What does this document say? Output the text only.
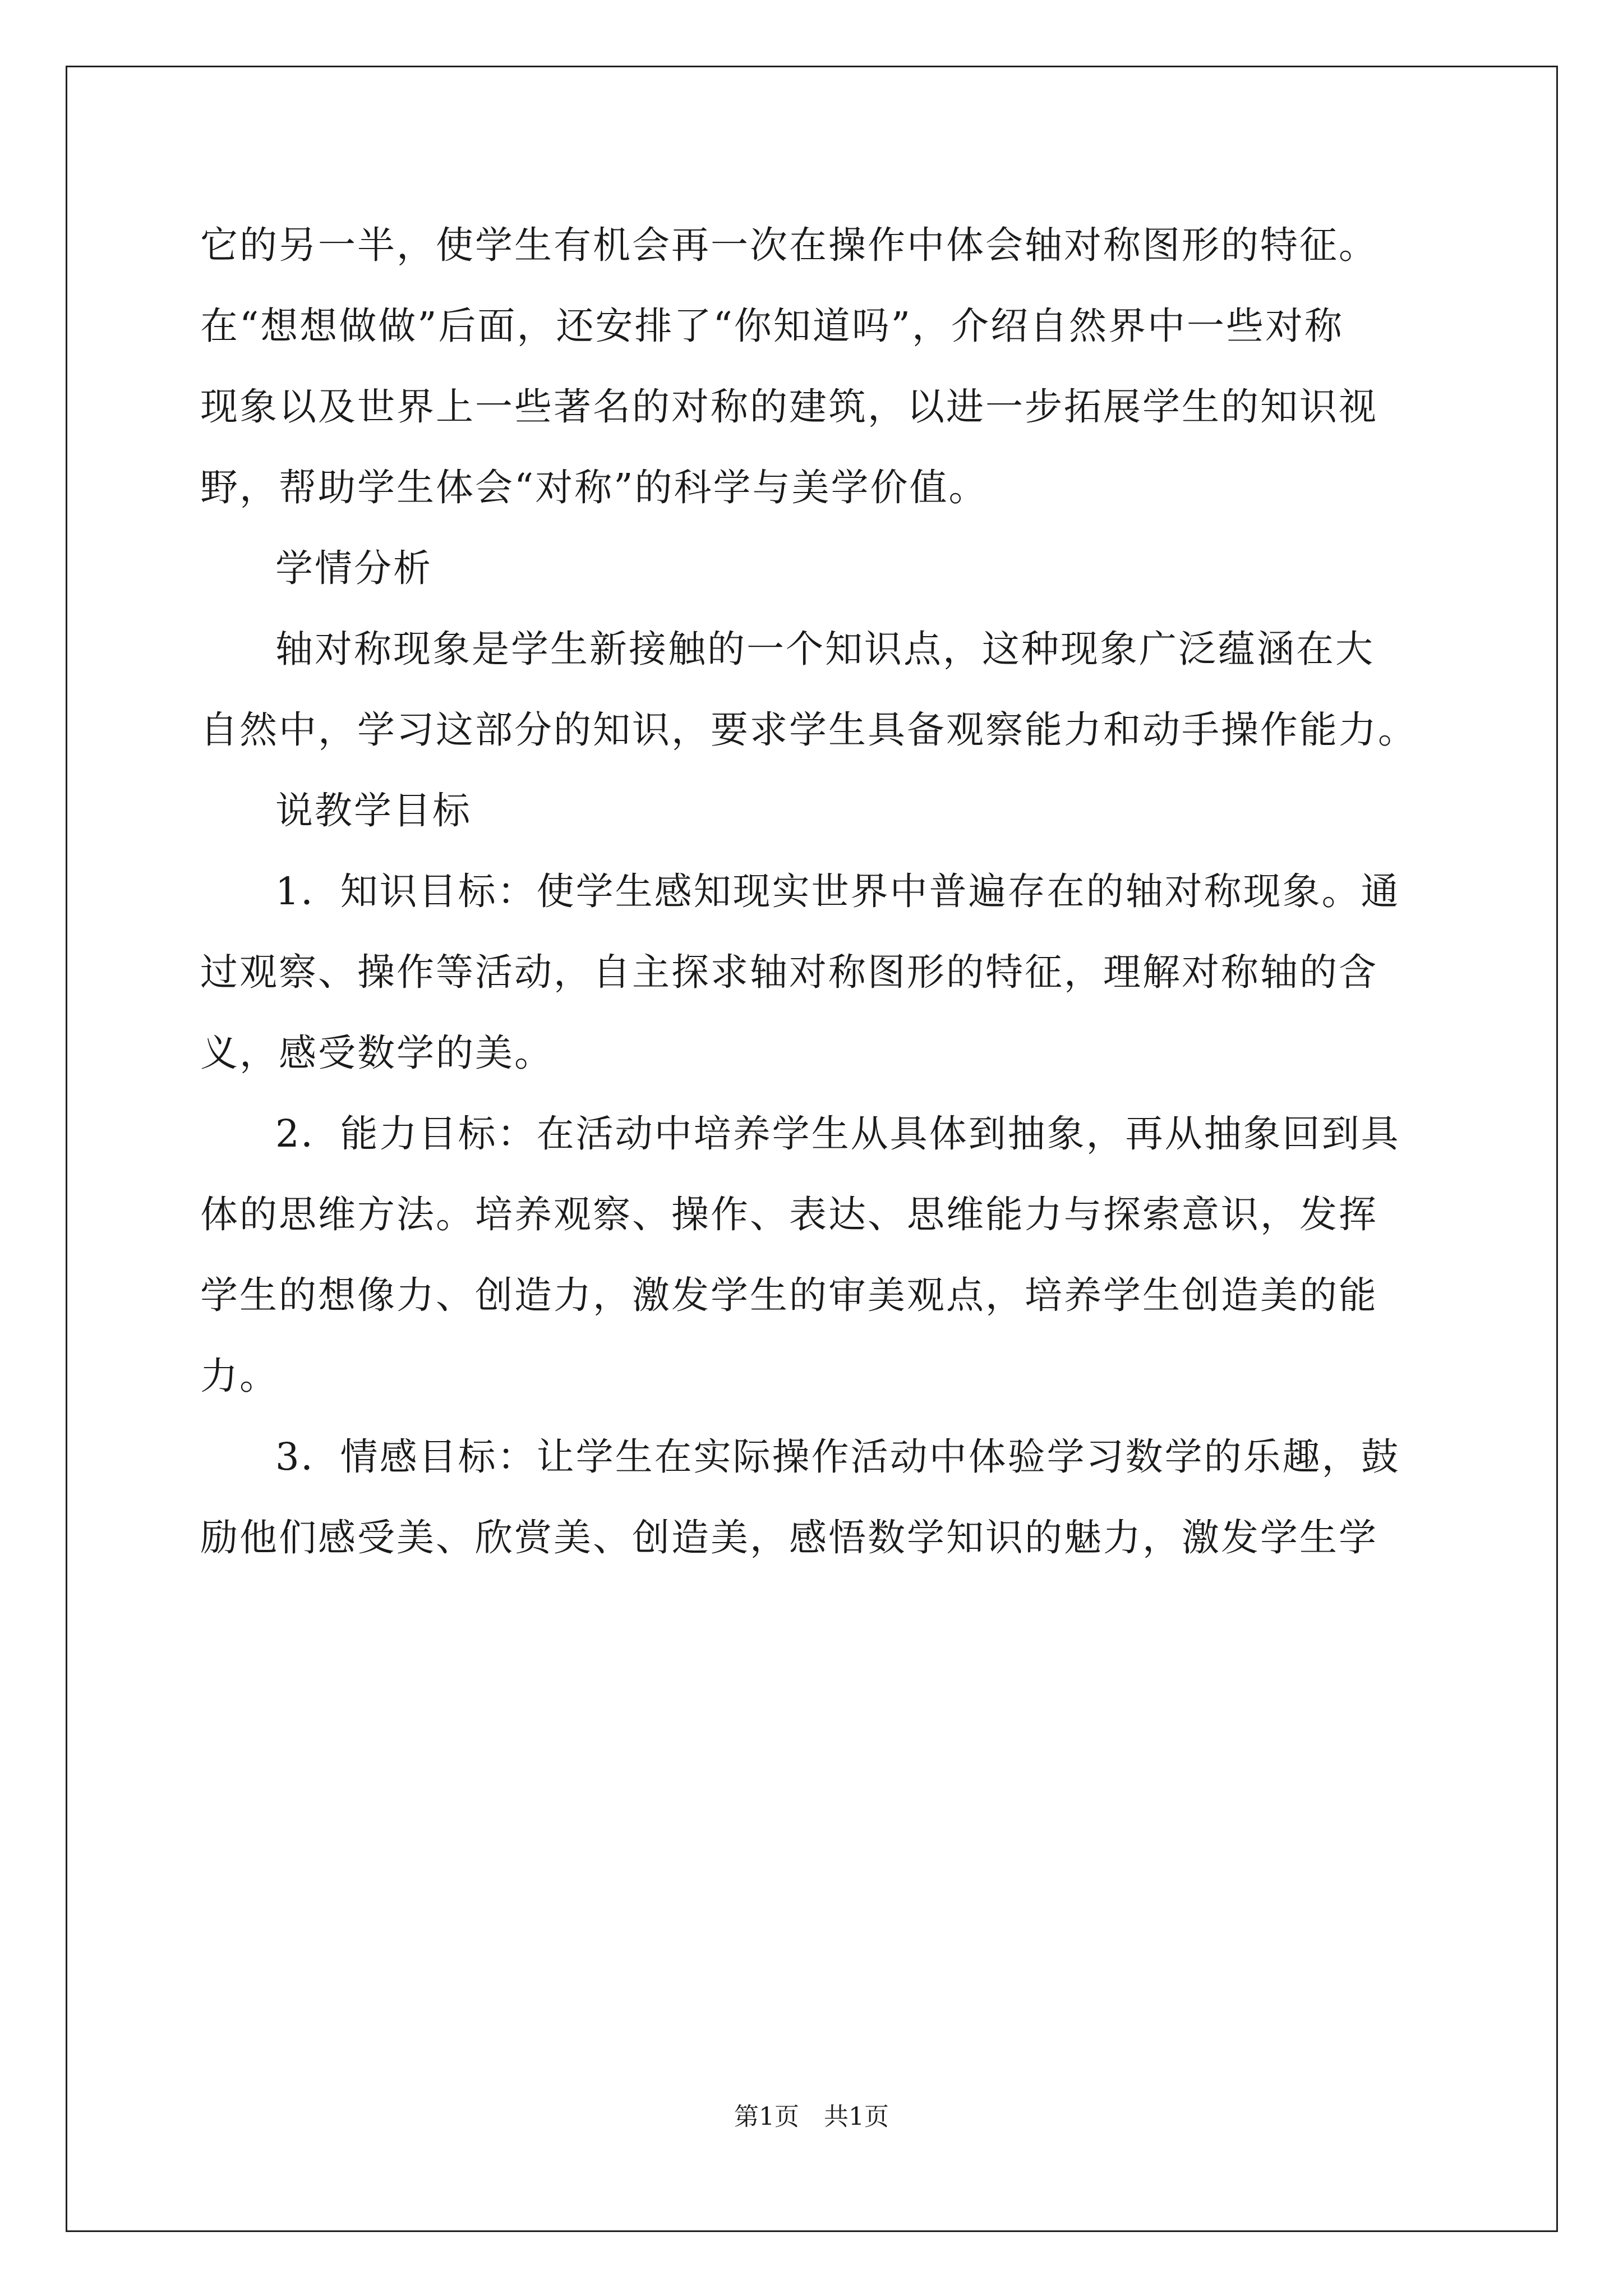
它的另一半，使学生有机会再一次在操作中体会轴对称图形的特征。
在“想想做做”后面，还安排了“你知道吗”，介绍自然界中一些对称
现象以及世界上一些著名的对称的建筑，以进一步拓展学生的知识视
野，帮助学生体会“对称”的科学与美学价值。
学情分析
轴对称现象是学生新接触的一个知识点，这种现象广泛蕴涵在大
自然中，学习这部分的知识，要求学生具备观察能力和动手操作能力。
说教学目标
1．知识目标：使学生感知现实世界中普遍存在的轴对称现象。通
过观察、操作等活动，自主探求轴对称图形的特征，理解对称轴的含
义，感受数学的美。
2．能力目标：在活动中培养学生从具体到抽象，再从抽象回到具
体的思维方法。培养观察、操作、表达、思维能力与探索意识，发挥
学生的想像力、创造力，激发学生的审美观点，培养学生创造美的能
力。
3．情感目标：让学生在实际操作活动中体验学习数学的乐趣，鼓
励他们感受美、欣赏美、创造美，感悟数学知识的魅力，激发学生学
第1页　共1页
